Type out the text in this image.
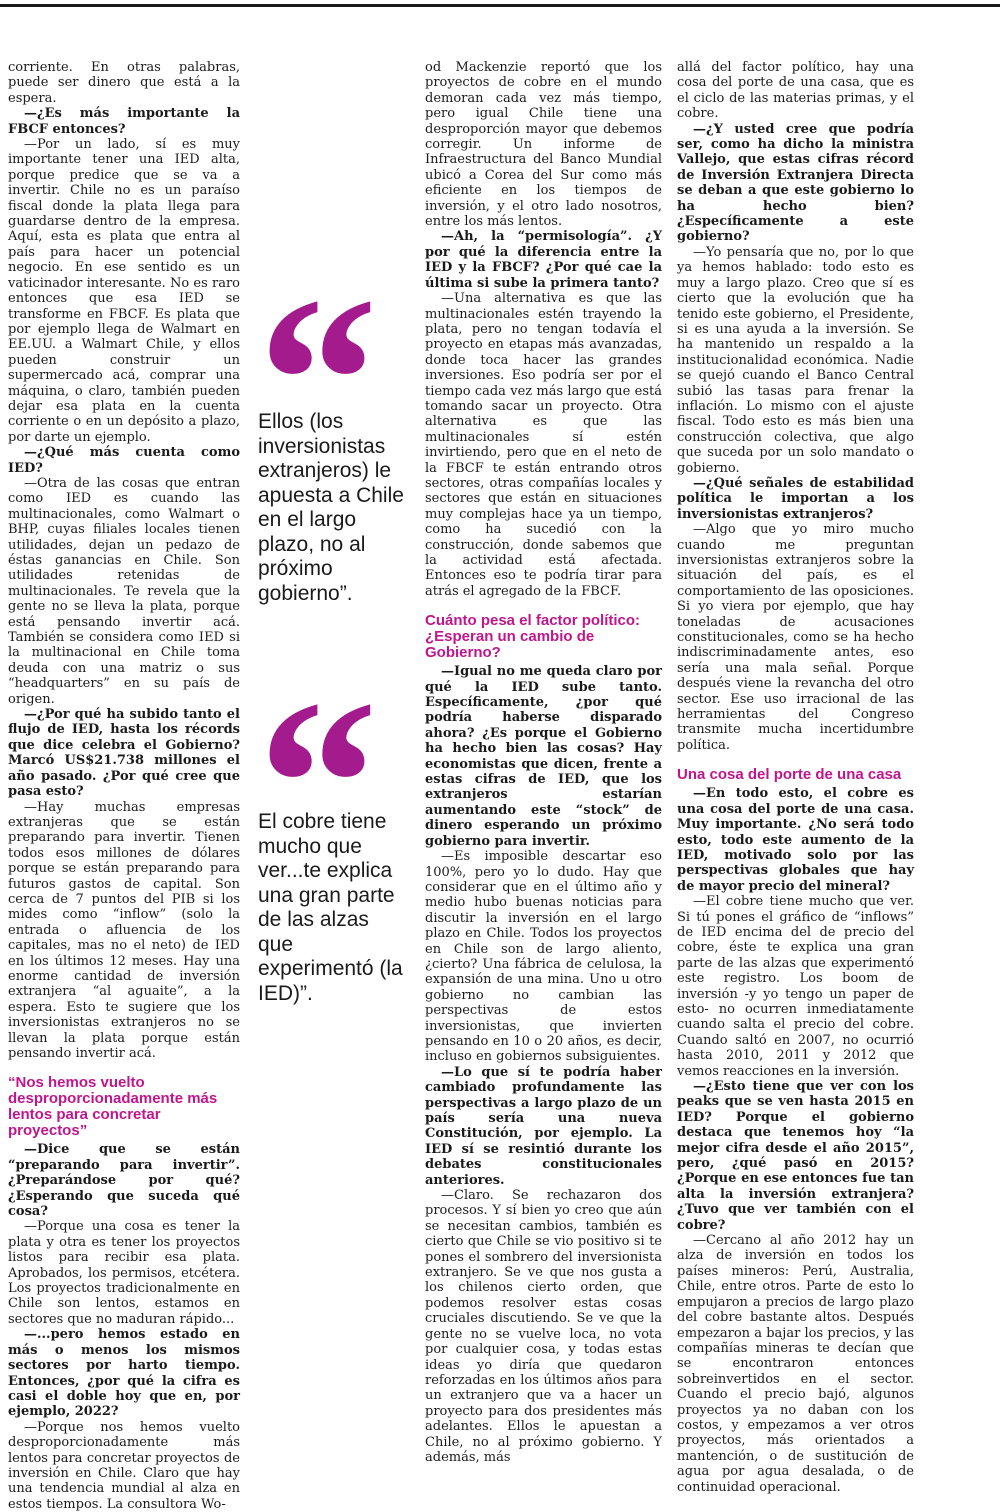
corriente. En otras palabras, puede ser dinero que está a la espera.

—¿Es más importante la FBCF entonces?

—Por un lado, sí es muy importante tener una IED alta, porque predice que se va a invertir. Chile no es un paraíso fiscal donde la plata llega para guardarse dentro de la empresa. Aquí, esta es plata que entra al país para hacer un potencial negocio. En ese sentido es un vaticinador interesante. No es raro entonces que esa IED se transforme en FBCF. Es plata que por ejemplo llega de Walmart en EE.UU. a Walmart Chile, y ellos pueden construir un supermercado acá, comprar una máquina, o claro, también pueden dejar esa plata en la cuenta corriente o en un depósito a plazo, por darte un ejemplo.

—¿Qué más cuenta como IED?

—Otra de las cosas que entran como IED es cuando las multinacionales, como Walmart o BHP, cuyas filiales locales tienen utilidades, dejan un pedazo de éstas ganancias en Chile. Son utilidades retenidas de multinacionales. Te revela que la gente no se lleva la plata, porque está pensando invertir acá. También se considera como IED si la multinacional en Chile toma deuda con una matriz o sus “headquarters” en su país de origen.

—¿Por qué ha subido tanto el flujo de IED, hasta los récords que dice celebra el Gobierno? Marcó US$21.738 millones el año pasado. ¿Por qué cree que pasa esto?

—Hay muchas empresas extranjeras que se están preparando para invertir. Tienen todos esos millones de dólares porque se están preparando para futuros gastos de capital. Son cerca de 7 puntos del PIB si los mides como “inflow” (solo la entrada o afluencia de los capitales, mas no el neto) de IED en los últimos 12 meses. Hay una enorme cantidad de inversión extranjera “al aguaite”, a la espera. Esto te sugiere que los inversionistas extranjeros no se llevan la plata porque están pensando invertir acá.

“Nos hemos vuelto desproporcionadamente más lentos para concretar proyectos”

—Dice que se están “preparando para invertir”. ¿Preparándose por qué? ¿Esperando que suceda qué cosa?

—Porque una cosa es tener la plata y otra es tener los proyectos listos para recibir esa plata. Aprobados, los permisos, etcétera. Los proyectos tradicionalmente en Chile son lentos, estamos en sectores que no maduran rápido...

—...pero hemos estado en más o menos los mismos sectores por harto tiempo. Entonces, ¿por qué la cifra es casi el doble hoy que en, por ejemplo, 2022?

—Porque nos hemos vuelto desproporcionadamente más lentos para concretar proyectos de inversión en Chile. Claro que hay una tendencia mundial al alza en estos tiempos. La consultora Wo-

Ellos (los inversionistas extranjeros) le apuesta a Chile en el largo plazo, no al próximo gobierno”.
El cobre tiene mucho que ver...te explica una gran parte de las alzas que experimentó (la IED)”.

od Mackenzie reportó que los proyectos de cobre en el mundo demoran cada vez más tiempo, pero igual Chile tiene una desproporción mayor que debemos corregir. Un informe de Infraestructura del Banco Mundial ubicó a Corea del Sur como más eficiente en los tiempos de inversión, y el otro lado nosotros, entre los más lentos.

—Ah, la “permisología”. ¿Y por qué la diferencia entre la IED y la FBCF? ¿Por qué cae la última si sube la primera tanto?

—Una alternativa es que las multinacionales estén trayendo la plata, pero no tengan todavía el proyecto en etapas más avanzadas, donde toca hacer las grandes inversiones. Eso podría ser por el tiempo cada vez más largo que está tomando sacar un proyecto. Otra alternativa es que las multinacionales sí estén invirtiendo, pero que en el neto de la FBCF te están entrando otros sectores, otras compañías locales y sectores que están en situaciones muy complejas hace ya un tiempo, como ha sucedió con la construcción, donde sabemos que la actividad está afectada. Entonces eso te podría tirar para atrás el agregado de la FBCF.

Cuánto pesa el factor político: ¿Esperan un cambio de Gobierno?

—Igual no me queda claro por qué la IED sube tanto. Específicamente, ¿por qué podría haberse disparado ahora? ¿Es porque el Gobierno ha hecho bien las cosas? Hay economistas que dicen, frente a estas cifras de IED, que los extranjeros estarían aumentando este “stock” de dinero esperando un próximo gobierno para invertir.

—Es imposible descartar eso 100%, pero yo lo dudo. Hay que considerar que en el último año y medio hubo buenas noticias para discutir la inversión en el largo plazo en Chile. Todos los proyectos en Chile son de largo aliento, ¿cierto? Una fábrica de celulosa, la expansión de una mina. Uno u otro gobierno no cambian las perspectivas de estos inversionistas, que invierten pensando en 10 o 20 años, es decir, incluso en gobiernos subsiguientes.

—Lo que sí te podría haber cambiado profundamente las perspectivas a largo plazo de un país sería una nueva Constitución, por ejemplo. La IED sí se resintió durante los debates constitucionales anteriores.

—Claro. Se rechazaron dos procesos. Y sí bien yo creo que aún se necesitan cambios, también es cierto que Chile se vio positivo si te pones el sombrero del inversionista extranjero. Se ve que nos gusta a los chilenos cierto orden, que podemos resolver estas cosas cruciales discutiendo. Se ve que la gente no se vuelve loca, no vota por cualquier cosa, y todas estas ideas yo diría que quedaron reforzadas en los últimos años para un extranjero que va a hacer un proyecto para dos presidentes más adelantes. Ellos le apuestan a Chile, no al próximo gobierno. Y además, más

allá del factor político, hay una cosa del porte de una casa, que es el ciclo de las materias primas, y el cobre.

—¿Y usted cree que podría ser, como ha dicho la ministra Vallejo, que estas cifras récord de Inversión Extranjera Directa se deban a que este gobierno lo ha hecho bien? ¿Específicamente a este gobierno?

—Yo pensaría que no, por lo que ya hemos hablado: todo esto es muy a largo plazo. Creo que sí es cierto que la evolución que ha tenido este gobierno, el Presidente, si es una ayuda a la inversión. Se ha mantenido un respaldo a la institucionalidad económica. Nadie se quejó cuando el Banco Central subió las tasas para frenar la inflación. Lo mismo con el ajuste fiscal. Todo esto es más bien una construcción colectiva, que algo que suceda por un solo mandato o gobierno.

—¿Qué señales de estabilidad política le importan a los inversionistas extranjeros?

—Algo que yo miro mucho cuando me preguntan inversionistas extranjeros sobre la situación del país, es el comportamiento de las oposiciones. Si yo viera por ejemplo, que hay toneladas de acusaciones constitucionales, como se ha hecho indiscriminadamente antes, eso sería una mala señal. Porque después viene la revancha del otro sector. Ese uso irracional de las herramientas del Congreso transmite mucha incertidumbre política.

Una cosa del porte de una casa

—En todo esto, el cobre es una cosa del porte de una casa. Muy importante. ¿No será todo esto, todo este aumento de la IED, motivado solo por las perspectivas globales que hay de mayor precio del mineral?

—El cobre tiene mucho que ver. Si tú pones el gráfico de “inflows” de IED encima del de precio del cobre, éste te explica una gran parte de las alzas que experimentó este registro. Los boom de inversión -y yo tengo un paper de esto- no ocurren inmediatamente cuando salta el precio del cobre. Cuando saltó en 2007, no ocurrió hasta 2010, 2011 y 2012 que vemos reacciones en la inversión.

—¿Esto tiene que ver con los peaks que se ven hasta 2015 en IED? Porque el gobierno destaca que tenemos hoy “la mejor cifra desde el año 2015”, pero, ¿qué pasó en 2015? ¿Porque en ese entonces fue tan alta la inversión extranjera? ¿Tuvo que ver también con el cobre?

—Cercano al año 2012 hay un alza de inversión en todos los países mineros: Perú, Australia, Chile, entre otros. Parte de esto lo empujaron a precios de largo plazo del cobre bastante altos. Después empezaron a bajar los precios, y las compañías mineras te decían que se encontraron entonces sobreinvertidos en el sector. Cuando el precio bajó, algunos proyectos ya no daban con los costos, y empezamos a ver otros proyectos, más orientados a mantención, o de sustitución de agua por agua desalada, o de continuidad operacional.
